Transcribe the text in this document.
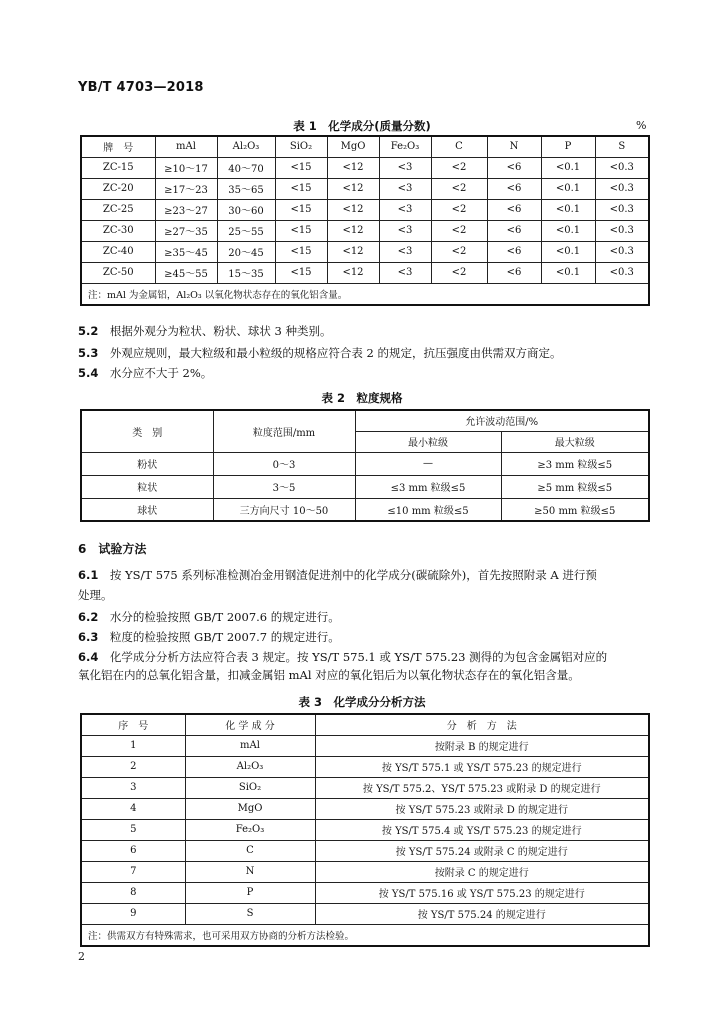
YB/T 4703—2018
表 1　化学成分(质量分数)	%
牌　号	mAl	Al₂O₃	SiO₂	MgO	Fe₂O₃	C	N	P	S
ZC-15	≥10～17	40～70	<15	<12	<3	<2	<6	<0.1	<0.3
ZC-20	≥17～23	35～65	<15	<12	<3	<2	<6	<0.1	<0.3
ZC-25	≥23～27	30～60	<15	<12	<3	<2	<6	<0.1	<0.3
ZC-30	≥27～35	25～55	<15	<12	<3	<2	<6	<0.1	<0.3
ZC-40	≥35～45	20～45	<15	<12	<3	<2	<6	<0.1	<0.3
ZC-50	≥45～55	15～35	<15	<12	<3	<2	<6	<0.1	<0.3
注：mAl 为金属铝，Al₂O₃ 以氧化物状态存在的氧化铝含量。									
5.2　 根据外观分为粒状、粉状、球状 3 种类别。
5.3　 外观应规则，最大粒级和最小粒级的规格应符合表 2 的规定，抗压强度由供需双方商定。
5.4　 水分应不大于 2%。
表 2　粒度规格
类　别	粒度范围/mm	允许波动范围/%	
		最小粒级	最大粒级
粉状	0～3	—	≥3 mm 粒级≤5
粒状	3～5	≤3 mm 粒级≤5	≥5 mm 粒级≤5
球状	三方向尺寸 10～50	≤10 mm 粒级≤5	≥50 mm 粒级≤5
6　 试验方法
6.1　 按 YS/T 575 系列标准检测冶金用钢渣促进剂中的化学成分(碳硫除外)，首先按照附录 A 进行预
处理。
6.2　 水分的检验按照 GB/T 2007.6 的规定进行。
6.3　 粒度的检验按照 GB/T 2007.7 的规定进行。
6.4　 化学成分分析方法应符合表 3 规定。按 YS/T 575.1 或 YS/T 575.23 测得的为包含金属铝对应的
氧化铝在内的总氧化铝含量，扣减金属铝 mAl 对应的氧化铝后为以氧化物状态存在的氧化铝含量。
表 3　化学成分分析方法
序　号	化 学 成 分	分　析　方　法
1	mAl	按附录 B 的规定进行
2	Al₂O₃	按 YS/T 575.1 或 YS/T 575.23 的规定进行
3	SiO₂	按 YS/T 575.2、YS/T 575.23 或附录 D 的规定进行
4	MgO	按 YS/T 575.23 或附录 D 的规定进行
5	Fe₂O₃	按 YS/T 575.4 或 YS/T 575.23 的规定进行
6	C	按 YS/T 575.24 或附录 C 的规定进行
7	N	按附录 C 的规定进行
8	P	按 YS/T 575.16 或 YS/T 575.23 的规定进行
9	S	按 YS/T 575.24 的规定进行
注：供需双方有特殊需求，也可采用双方协商的分析方法检验。		
2
